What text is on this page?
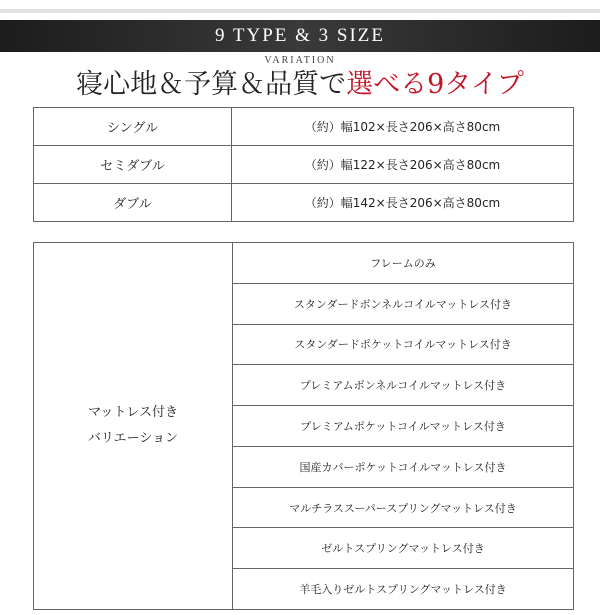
9 TYPE & 3 SIZE
VARIATION
寝心地＆予算＆品質で選べる9タイプ
シングル	（約）幅102×長さ206×高さ80cm
セミダブル	（約）幅122×長さ206×高さ80cm
ダブル	（約）幅142×長さ206×高さ80cm
マットレス付き
バリエーション
フレームのみ
スタンダードボンネルコイルマットレス付き
スタンダードポケットコイルマットレス付き
プレミアムボンネルコイルマットレス付き
プレミアムポケットコイルマットレス付き
国産カバーポケットコイルマットレス付き
マルチラススーパースプリングマットレス付き
ゼルトスプリングマットレス付き
羊毛入りゼルトスプリングマットレス付き
